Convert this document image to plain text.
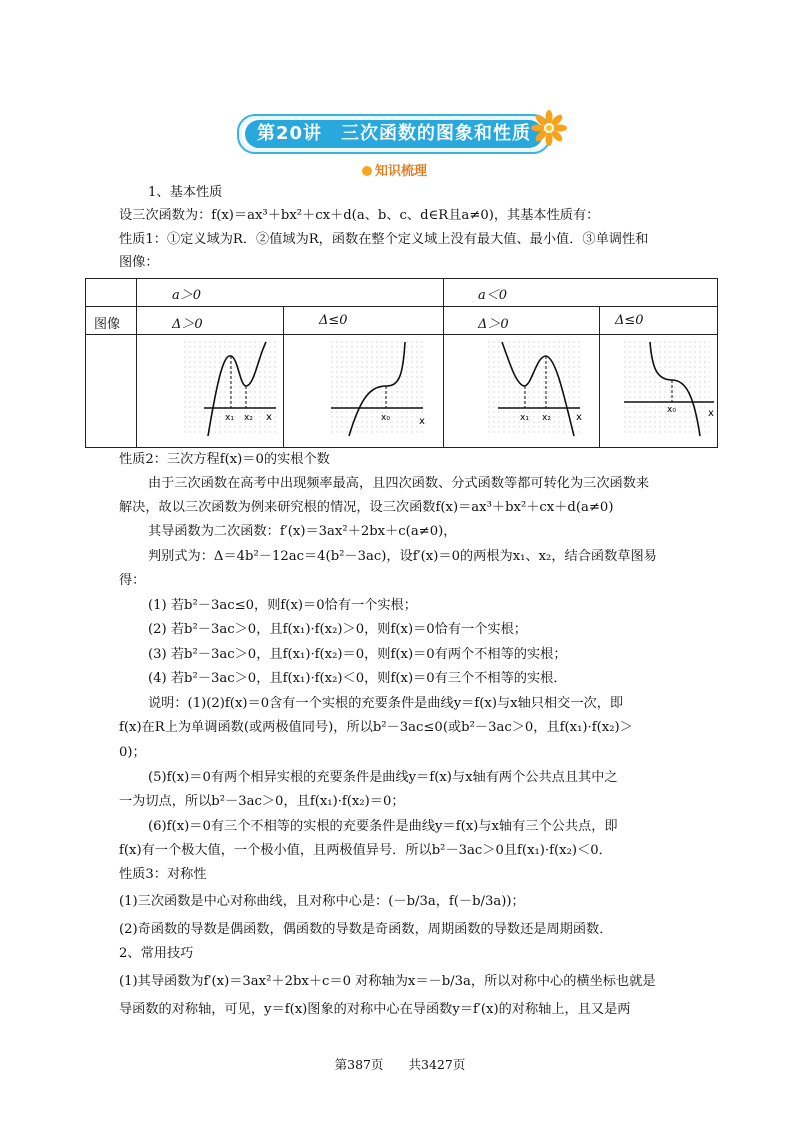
第20讲　三次函数的图象和性质
知识梳理
1、基本性质
设三次函数为：f(x)＝ax³＋bx²＋cx＋d(a、b、c、d∈R且a≠0)，其基本性质有：
性质1：①定义域为R．②值域为R，函数在整个定义域上没有最大值、最小值．③单调性和
图像：
a＞0	a＜0
图像	Δ＞0	Δ≤0	Δ＞0	Δ≤0
x₁ x₂ x	x₀	x	x₁ x₂	x
x₀	x
性质2：三次方程f(x)＝0的实根个数
由于三次函数在高考中出现频率最高，且四次函数、分式函数等都可转化为三次函数来
解决，故以三次函数为例来研究根的情况，设三次函数f(x)＝ax³＋bx²＋cx＋d(a≠0)
其导函数为二次函数：f′(x)＝3ax²＋2bx＋c(a≠0)，
判别式为：Δ＝4b²－12ac＝4(b²－3ac)，设f′(x)＝0的两根为x₁、x₂，结合函数草图易
得：
(1) 若b²－3ac≤0，则f(x)＝0恰有一个实根；
(2) 若b²－3ac＞0，且f(x₁)·f(x₂)＞0，则f(x)＝0恰有一个实根；
(3) 若b²－3ac＞0，且f(x₁)·f(x₂)＝0，则f(x)＝0有两个不相等的实根；
(4) 若b²－3ac＞0，且f(x₁)·f(x₂)＜0，则f(x)＝0有三个不相等的实根．
说明：(1)(2)f(x)＝0含有一个实根的充要条件是曲线y＝f(x)与x轴只相交一次，即
f(x)在R上为单调函数(或两极值同号)，所以b²－3ac≤0(或b²－3ac＞0，且f(x₁)·f(x₂)＞
0)；
(5)f(x)＝0有两个相异实根的充要条件是曲线y＝f(x)与x轴有两个公共点且其中之
一为切点，所以b²－3ac＞0，且f(x₁)·f(x₂)＝0；
(6)f(x)＝0有三个不相等的实根的充要条件是曲线y＝f(x)与x轴有三个公共点，即
f(x)有一个极大值，一个极小值，且两极值异号．所以b²－3ac＞0且f(x₁)·f(x₂)＜0．
性质3：对称性
(1)三次函数是中心对称曲线，且对称中心是：(－b/3a，f(－b/3a))；
(2)奇函数的导数是偶函数，偶函数的导数是奇函数，周期函数的导数还是周期函数．
2、常用技巧
(1)其导函数为f′(x)＝3ax²＋2bx＋c＝0 对称轴为x＝－b/3a，所以对称中心的横坐标也就是
导函数的对称轴，可见，y＝f(x)图象的对称中心在导函数y＝f′(x)的对称轴上，且又是两
第387页　　共3427页
